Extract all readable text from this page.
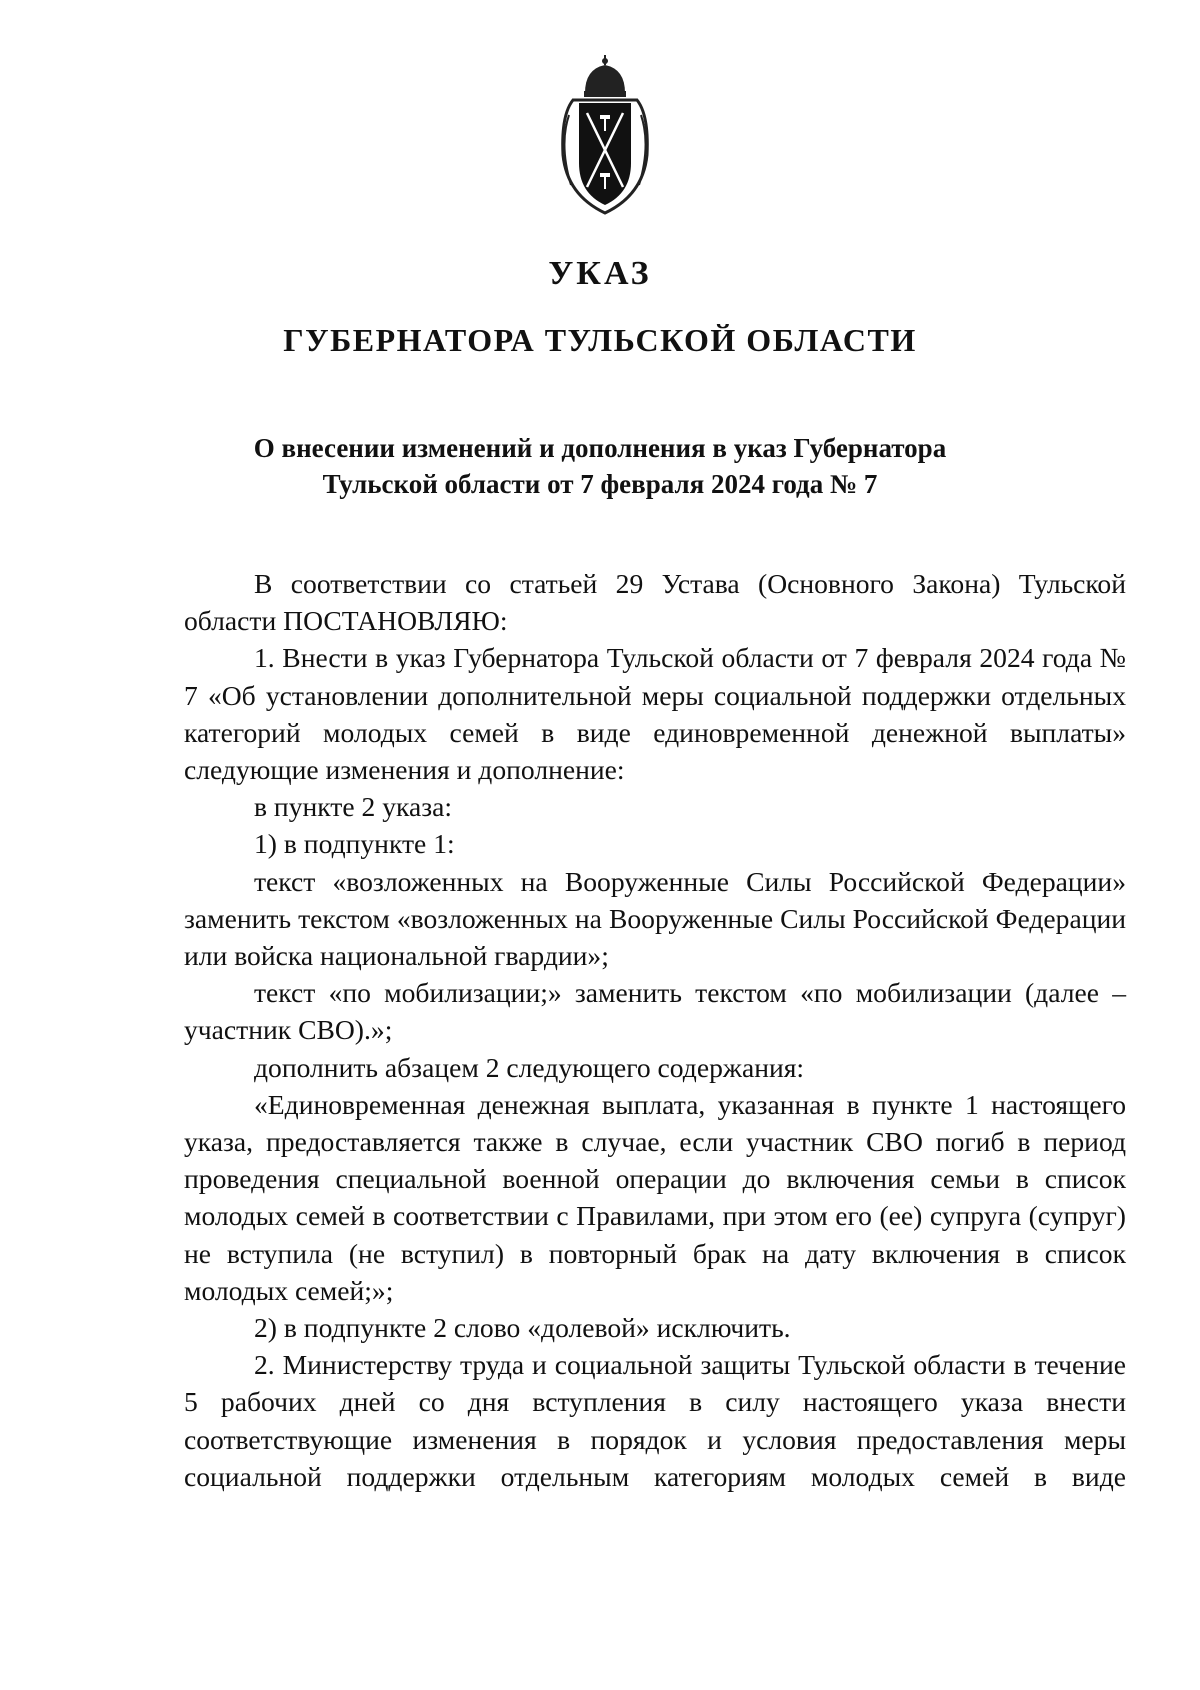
УКАЗ
ГУБЕРНАТОРА ТУЛЬСКОЙ ОБЛАСТИ
О внесении изменений и дополнения в указ Губернатора
Тульской области от 7 февраля 2024 года № 7

В соответствии со статьей 29 Устава (Основного Закона) Тульской области ПОСТАНОВЛЯЮ:

1. Внести в указ Губернатора Тульской области от 7 февраля 2024 года № 7 «Об установлении дополнительной меры социальной поддержки отдельных категорий молодых семей в виде единовременной денежной выплаты» следующие изменения и дополнение:

в пункте 2 указа:

1) в подпункте 1:

текст «возложенных на Вооруженные Силы Российской Федерации» заменить текстом «возложенных на Вооруженные Силы Российской Федерации или войска национальной гвардии»;

текст «по мобилизации;» заменить текстом «по мобилизации (далее – участник СВО).»;

дополнить абзацем 2 следующего содержания:

«Единовременная денежная выплата, указанная в пункте 1 настоящего указа, предоставляется также в случае, если участник СВО погиб в период проведения специальной военной операции до включения семьи в список молодых семей в соответствии с Правилами, при этом его (ее) супруга (супруг) не вступила (не вступил) в повторный брак на дату включения в список молодых семей;»;

2) в подпункте 2 слово «долевой» исключить.

2. Министерству труда и социальной защиты Тульской области в течение 5 рабочих дней со дня вступления в силу настоящего указа внести соответствующие изменения в порядок и условия предоставления меры социальной поддержки отдельным категориям молодых семей в виде
